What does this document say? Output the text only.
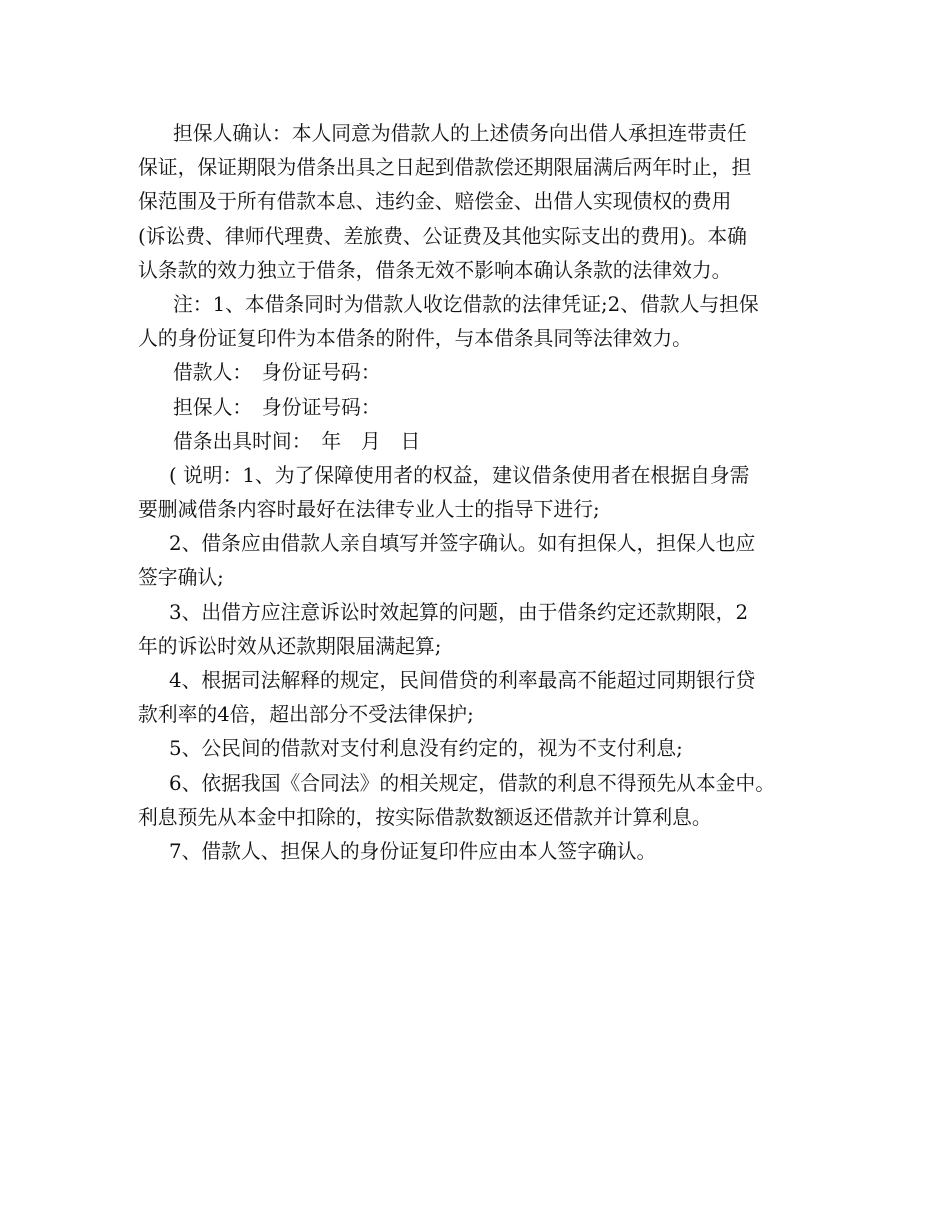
担保人确认：本人同意为借款人的上述债务向出借人承担连带责任
保证，保证期限为借条出具之日起到借款偿还期限届满后两年时止，担
保范围及于所有借款本息、违约金、赔偿金、出借人实现债权的费用
(诉讼费、律师代理费、差旅费、公证费及其他实际支出的费用)。本确
认条款的效力独立于借条，借条无效不影响本确认条款的法律效力。
注：1、本借条同时为借款人收讫借款的法律凭证;2、借款人与担保
人的身份证复印件为本借条的附件，与本借条具同等法律效力。
借款人：　身份证号码：
担保人：　身份证号码：
借条出具时间：　年　月　日
( 说明：1、为了保障使用者的权益，建议借条使用者在根据自身需
要删减借条内容时最好在法律专业人士的指导下进行;
2、借条应由借款人亲自填写并签字确认。如有担保人，担保人也应
签字确认;
3、出借方应注意诉讼时效起算的问题，由于借条约定还款期限，2
年的诉讼时效从还款期限届满起算;
4、根据司法解释的规定，民间借贷的利率最高不能超过同期银行贷
款利率的4倍，超出部分不受法律保护;
5、公民间的借款对支付利息没有约定的，视为不支付利息;
6、依据我国《合同法》的相关规定，借款的利息不得预先从本金中。
利息预先从本金中扣除的，按实际借款数额返还借款并计算利息。
7、借款人、担保人的身份证复印件应由本人签字确认。
